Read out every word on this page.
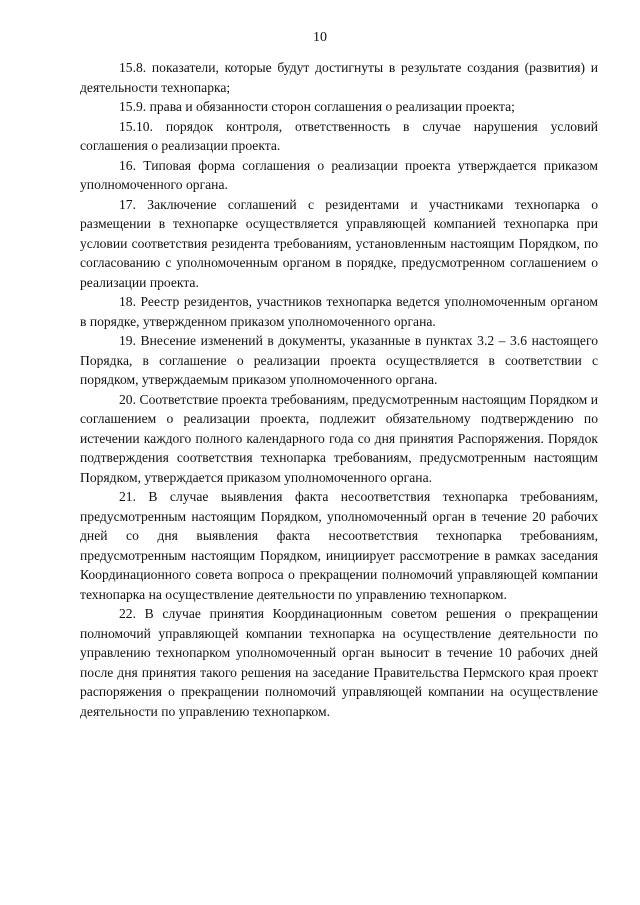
10

15.8. показатели, которые будут достигнуты в результате создания (развития) и деятельности технопарка;

15.9. права и обязанности сторон соглашения о реализации проекта;

15.10. порядок контроля, ответственность в случае нарушения условий соглашения о реализации проекта.

16. Типовая форма соглашения о реализации проекта утверждается приказом уполномоченного органа.

17. Заключение соглашений с резидентами и участниками технопарка о размещении в технопарке осуществляется управляющей компанией технопарка при условии соответствия резидента требованиям, установленным настоящим Порядком, по согласованию с уполномоченным органом в порядке, предусмотренном соглашением о реализации проекта.

18. Реестр резидентов, участников технопарка ведется уполномоченным органом в порядке, утвержденном приказом уполномоченного органа.

19. Внесение изменений в документы, указанные в пунктах 3.2 – 3.6 настоящего Порядка, в соглашение о реализации проекта осуществляется в соответствии с порядком, утверждаемым приказом уполномоченного органа.

20. Соответствие проекта требованиям, предусмотренным настоящим Порядком и соглашением о реализации проекта, подлежит обязательному подтверждению по истечении каждого полного календарного года со дня принятия Распоряжения. Порядок подтверждения соответствия технопарка требованиям, предусмотренным настоящим Порядком, утверждается приказом уполномоченного органа.

21. В случае выявления факта несоответствия технопарка требованиям, предусмотренным настоящим Порядком, уполномоченный орган в течение 20 рабочих дней со дня выявления факта несоответствия технопарка требованиям, предусмотренным настоящим Порядком, инициирует рассмотрение в рамках заседания Координационного совета вопроса о прекращении полномочий управляющей компании технопарка на осуществление деятельности по управлению технопарком.

22. В случае принятия Координационным советом решения о прекращении полномочий управляющей компании технопарка на осуществление деятельности по управлению технопарком уполномоченный орган выносит в течение 10 рабочих дней после дня принятия такого решения на заседание Правительства Пермского края проект распоряжения о прекращении полномочий управляющей компании на осуществление деятельности по управлению технопарком.
